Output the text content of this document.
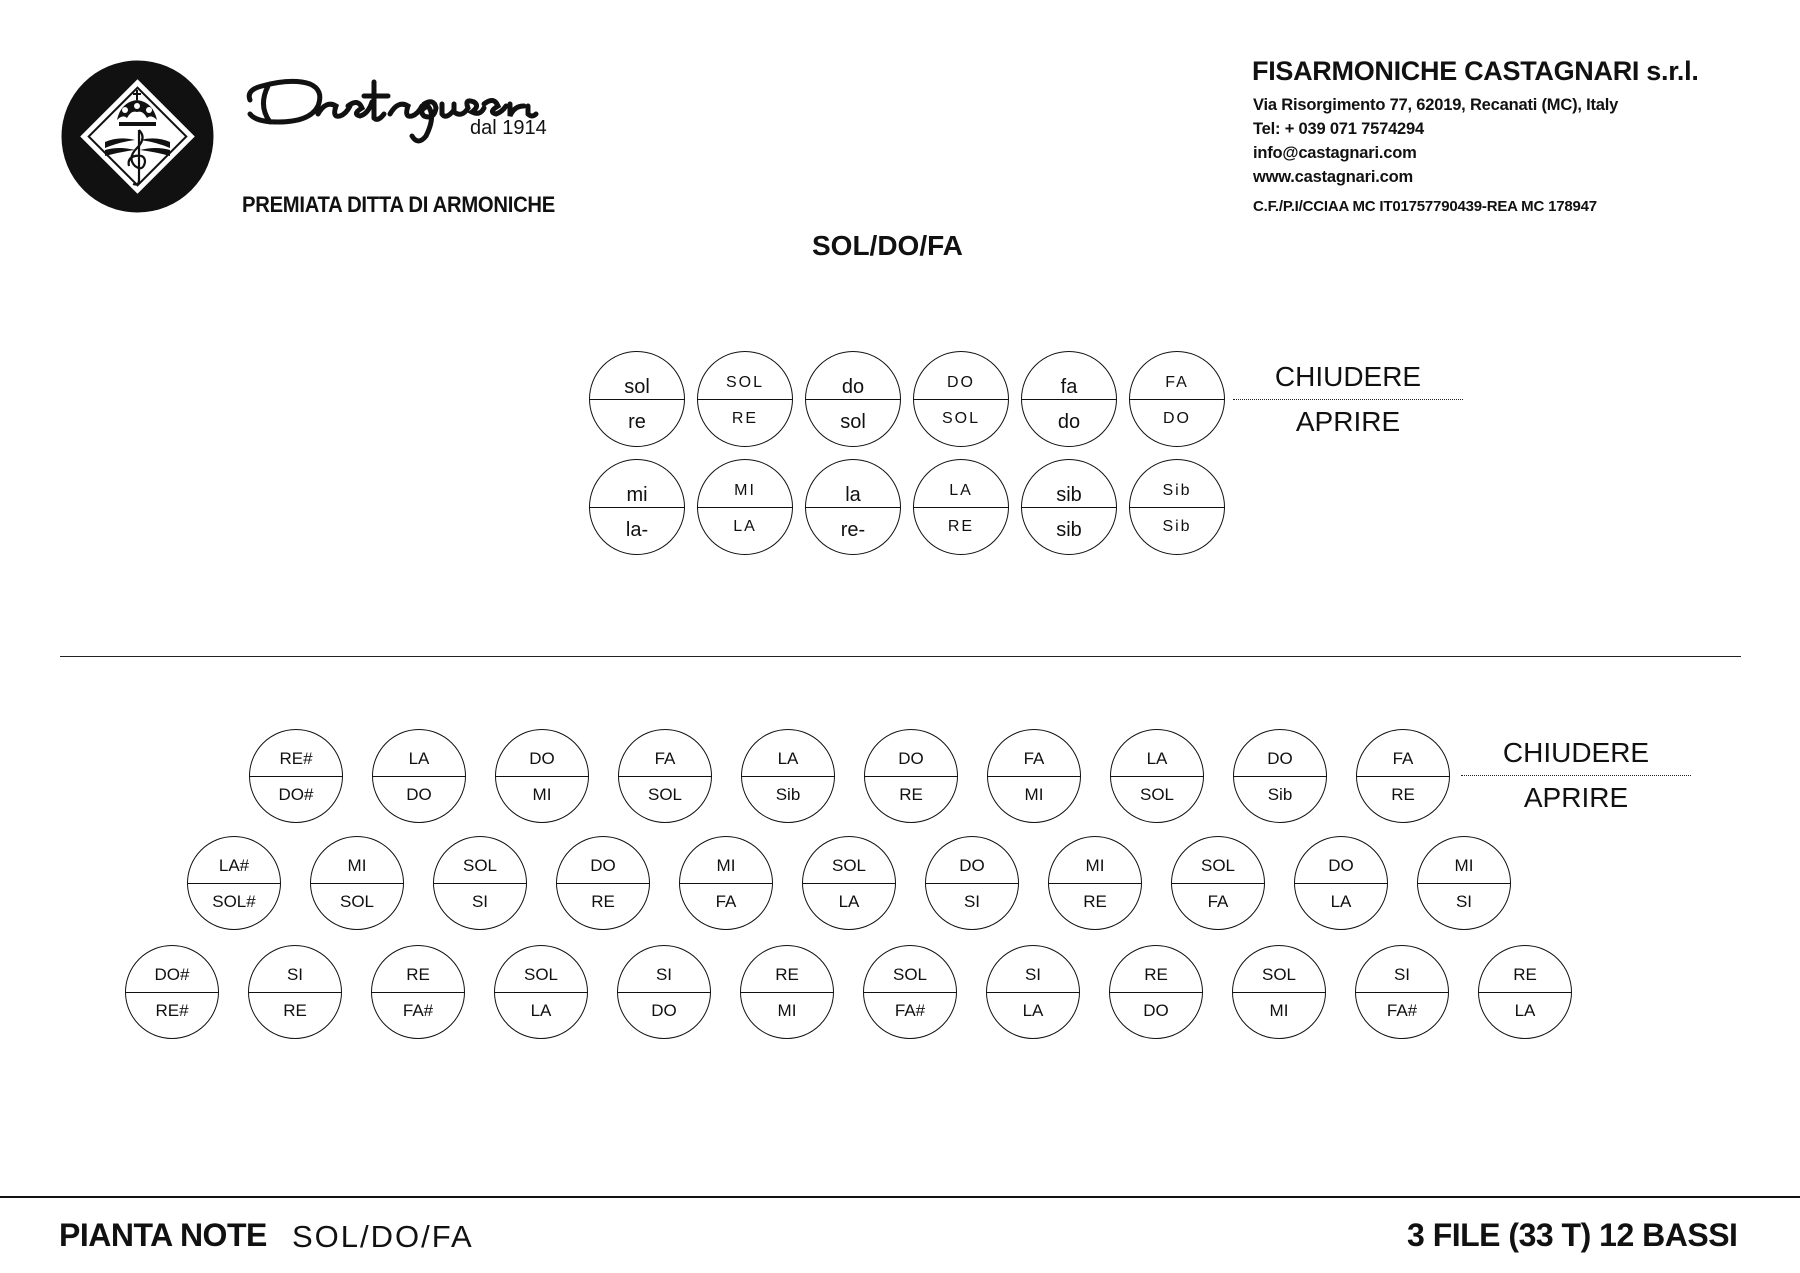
dal 1914
PREMIATA DITTA DI ARMONICHE
FISARMONICHE CASTAGNARI s.r.l.
Via Risorgimento 77, 62019, Recanati (MC), Italy
Tel: + 039 071 7574294
info@castagnari.com
www.castagnari.com
C.F./P.I/CCIAA MC IT01757790439-REA MC 178947
SOL/DO/FA
sol
re
SOL
RE
do
sol
DO
SOL
fa
do
FA
DO
mi
la-
MI
LA
la
re-
LA
RE
sib
sib
Sib
Sib
CHIUDERE
APRIRE
RE#
DO#
LA
DO
DO
MI
FA
SOL
LA
Sib
DO
RE
FA
MI
LA
SOL
DO
Sib
FA
RE
LA#
SOL#
MI
SOL
SOL
SI
DO
RE
MI
FA
SOL
LA
DO
SI
MI
RE
SOL
FA
DO
LA
MI
SI
DO#
RE#
SI
RE
RE
FA#
SOL
LA
SI
DO
RE
MI
SOL
FA#
SI
LA
RE
DO
SOL
MI
SI
FA#
RE
LA
CHIUDERE
APRIRE
PIANTA NOTE SOL/DO/FA	3 FILE (33 T) 12 BASSI
